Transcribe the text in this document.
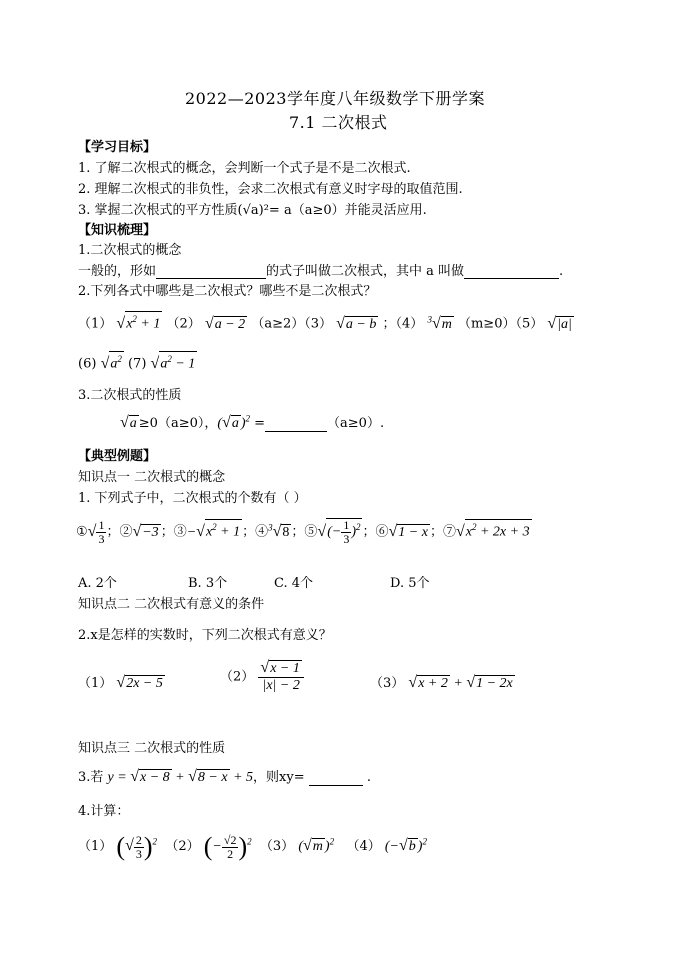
2022—2023学年度八年级数学下册学案
7.1 二次根式
【学习目标】
1. 了解二次根式的概念，会判断一个式子是不是二次根式.
2. 理解二次根式的非负性，会求二次根式有意义时字母的取值范围.
3. 掌握二次根式的平方性质(√a)²= a（a≥0）并能灵活应用.
【知识梳理】
1.二次根式的概念
一般的，形如	的式子叫做二次根式，其中 a 叫做	.
2.下列各式中哪些是二次根式？哪些不是二次根式？
（1） $√x^2 + 1$ （2） √a − 2 （a≥2）（3） √a − b ；（4） $^3$√m （m≥0）（5） √|a|
(6) $√a^2$ (7) $√a^2 - 1$
3.二次根式的性质
√a ≥0（a≥0），(√a )$^2$ =	（a≥0）.
【典型例题】
知识点一 二次根式的概念
1. 下列式子中，二次根式的个数有（ ）
①√ $\frac{1}{3}$ ；②√−3 ；$③-√x^2 + 1$ ；④$^3$√8 ；⑤√(− $\frac{1}{3} )^2$ ；⑥√1 − x ；$⑦√x^2 + 2x + 3$
A. 2个	B. 3个	C. 4个	D. 5个
知识点二 二次根式有意义的条件
2.x是怎样的实数时，下列二次根式有意义？
（1） √2x − 5	$(2) \frac{√x - 1}{|x| - 2}$	（3） √x + 2 + √1 − 2x
知识点三 二次根式的性质
3.若 y = √x − 8 + √8 − x + 5，则xy=	.
4.计算：
（1） (√ $\frac{2}{3} )^2$ （2） (− $\frac{√2}{2} )^2$ （3） (√m )$^2$ （4） (−√b )$^2$
